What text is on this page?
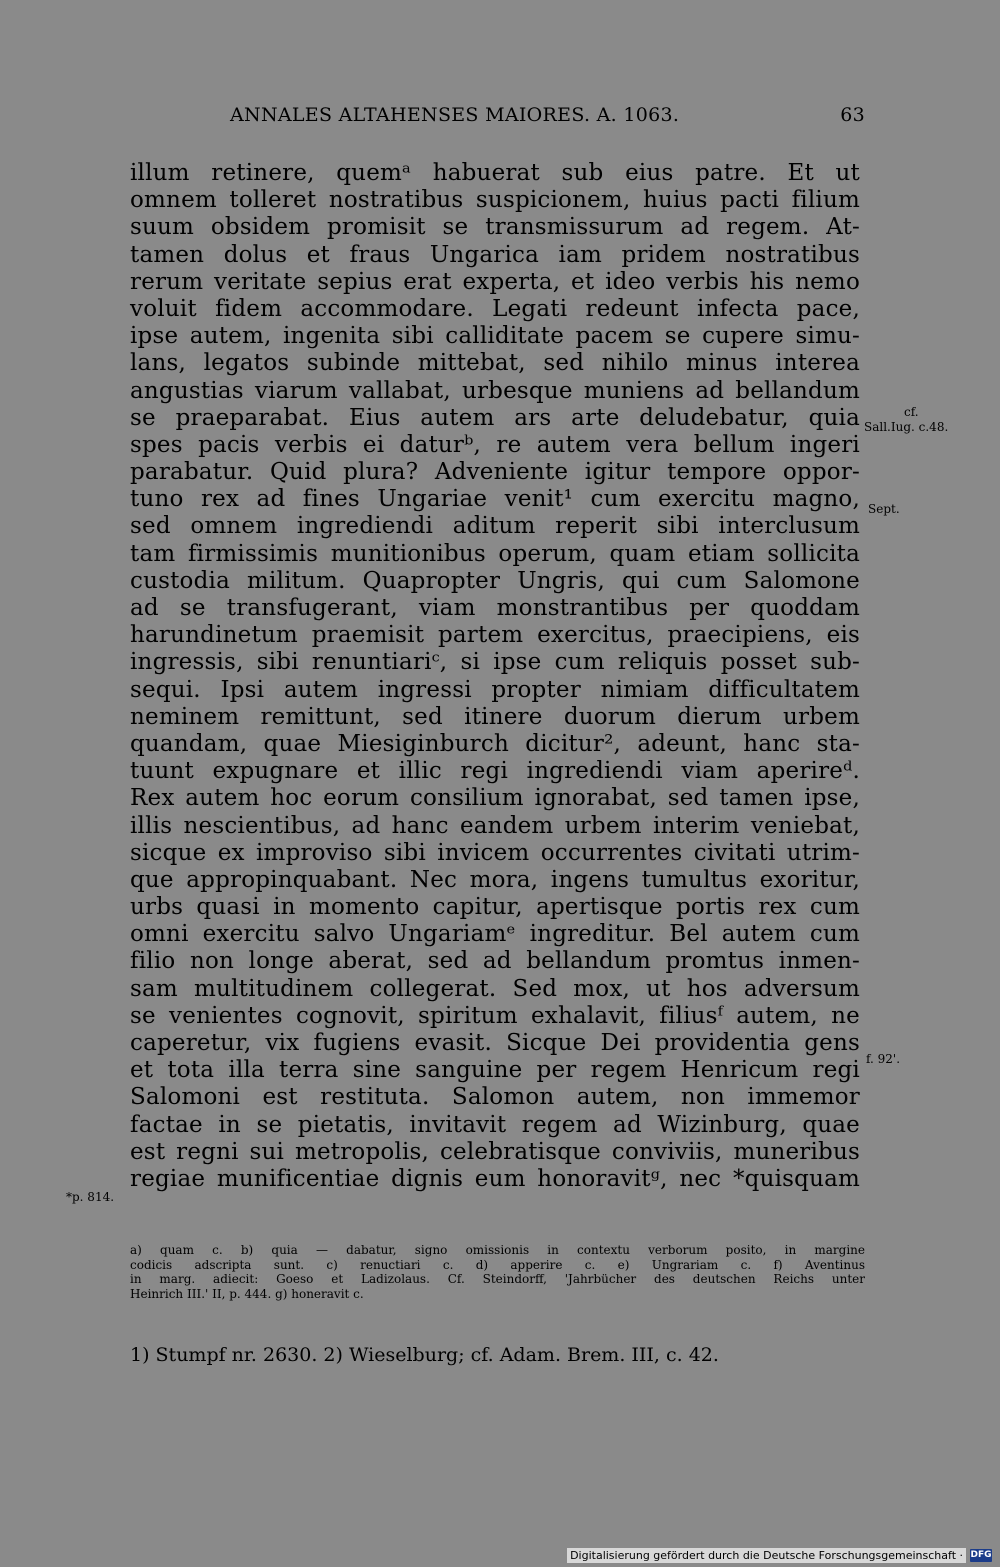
ANNALES ALTAHENSES MAIORES. A. 1063.	63
illum retinere, quemᵃ habuerat sub eius patre. Et ut
omnem tolleret nostratibus suspicionem, huius pacti filium
suum obsidem promisit se transmissurum ad regem. At-
tamen dolus et fraus Ungarica iam pridem nostratibus
rerum veritate sepius erat experta, et ideo verbis his nemo
voluit fidem accommodare. Legati redeunt infecta pace,
ipse autem, ingenita sibi calliditate pacem se cupere simu-
lans, legatos subinde mittebat, sed nihilo minus interea
angustias viarum vallabat, urbesque muniens ad bellandum
se praeparabat. Eius autem ars arte deludebatur, quia
spes pacis verbis ei daturᵇ, re autem vera bellum ingeri
parabatur. Quid plura? Adveniente igitur tempore oppor-
tuno rex ad fines Ungariae venit¹ cum exercitu magno,
sed omnem ingrediendi aditum reperit sibi interclusum
tam firmissimis munitionibus operum, quam etiam sollicita
custodia militum. Quapropter Ungris, qui cum Salomone
ad se transfugerant, viam monstrantibus per quoddam
harundinetum praemisit partem exercitus, praecipiens, eis
ingressis, sibi renuntiariᶜ, si ipse cum reliquis posset sub-
sequi. Ipsi autem ingressi propter nimiam difficultatem
neminem remittunt, sed itinere duorum dierum urbem
quandam, quae Miesiginburch dicitur², adeunt, hanc sta-
tuunt expugnare et illic regi ingrediendi viam aperireᵈ.
Rex autem hoc eorum consilium ignorabat, sed tamen ipse,
illis nescientibus, ad hanc eandem urbem interim veniebat,
sicque ex improviso sibi invicem occurrentes civitati utrim-
que appropinquabant. Nec mora, ingens tumultus exoritur,
urbs quasi in momento capitur, apertisque portis rex cum
omni exercitu salvo Ungariamᵉ ingreditur. Bel autem cum
filio non longe aberat, sed ad bellandum promtus inmen-
sam multitudinem collegerat. Sed mox, ut hos adversum
se venientes cognovit, spiritum exhalavit, filiusᶠ autem, ne
caperetur, vix fugiens evasit. Sicque Dei providentia gens
et tota illa terra sine sanguine per regem Henricum regi
Salomoni est restituta. Salomon autem, non immemor
factae in se pietatis, invitavit regem ad Wizinburg, quae
est regni sui metropolis, celebratisque conviviis, muneribus
regiae munificentiae dignis eum honoravitᵍ, nec *quisquam
cf.
Sall.Iug. c.48.
Sept.
f. 92'.
*p. 814.
a) quam c. b) quia — dabatur, signo omissionis in contextu verborum posito, in margine
codicis adscripta sunt. c) renuctiari c. d) apperire c. e) Ungrariam c. f) Aventinus
in marg. adiecit: Goeso et Ladizolaus. Cf. Steindorff, 'Jahrbücher des deutschen Reichs unter
Heinrich III.' II, p. 444. g) honeravit c.
1) Stumpf nr. 2630. 2) Wieselburg; cf. Adam. Brem. III, c. 42.
Digitalisierung gefördert durch die Deutsche Forschungsgemeinschaft · DFG
